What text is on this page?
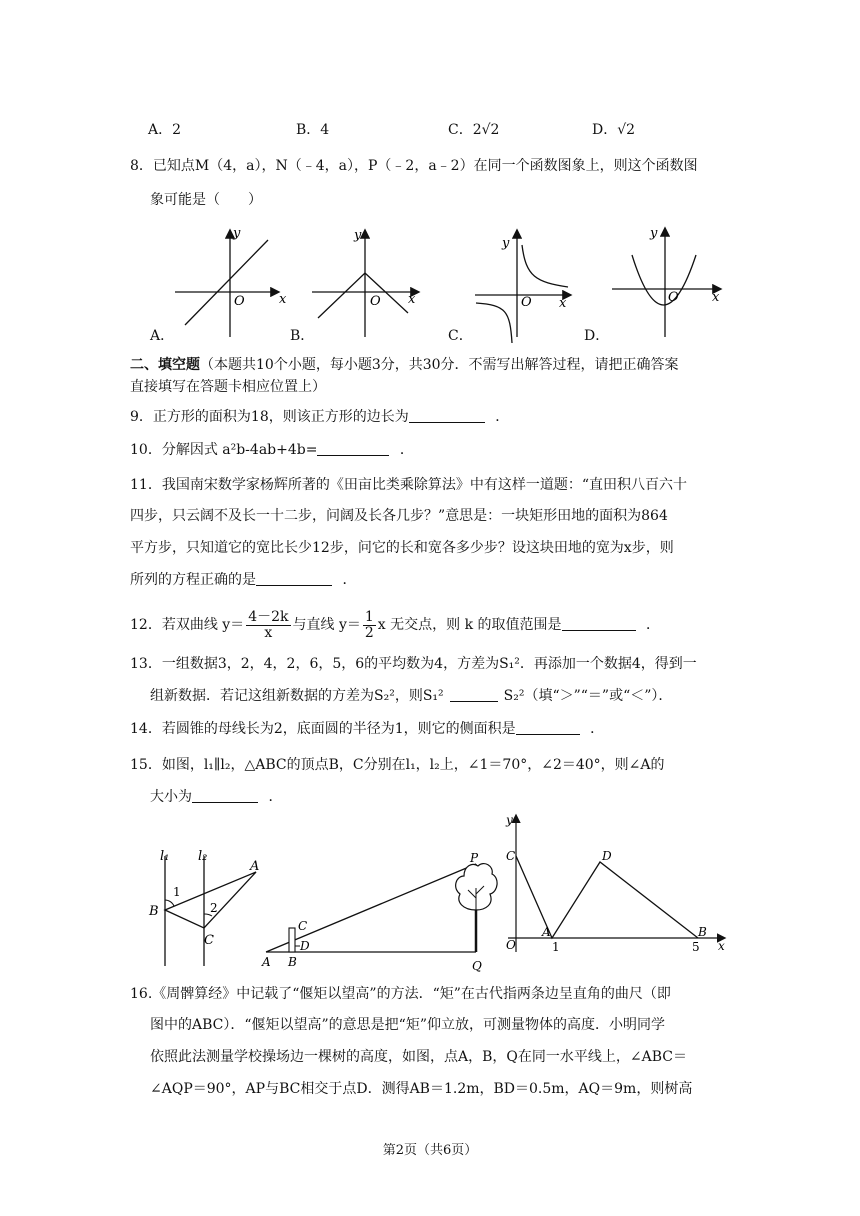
A．2	B．4	C．2√2	D．√2
8．已知点M（4，a），N（﹣4，a），P（﹣2，a﹣2）在同一个函数图象上，则这个函数图
象可能是（　　）
y
x
O
y
x
O
y
x
O
y
x
O
A．	B．	C．	D．
二、填空题（本题共10个小题，每小题3分，共30分．不需写出解答过程，请把正确答案
直接填写在答题卡相应位置上）
9．正方形的面积为18，则该正方形的边长为	．
10．分解因式 a²b-4ab+4b=	．
11．我国南宋数学家杨辉所著的《田亩比类乘除算法》中有这样一道题：“直田积八百六十
四步，只云阔不及长一十二步，问阔及长各几步？”意思是：一块矩形田地的面积为864
平方步，只知道它的宽比长少12步，问它的长和宽各多少步？设这块田地的宽为x步，则
所列的方程正确的是	．
12．若双曲线 $y= \frac{4-2k}{x}$ 与直线 $y= \frac{1}{2}$ x 无交点，则 k 的取值范围是	．
13．一组数据3，2，4，2，6，5，6的平均数为4，方差为S₁²．再添加一个数据4，得到一
组新数据．若记这组新数据的方差为S₂²，则S₁²	S₂²（填“＞”“＝”或“＜”）．
14．若圆锥的母线长为2，底面圆的半径为1，则它的侧面积是	．
15．如图，l₁∥l₂，△ABC的顶点B，C分别在l₁，l₂上，∠1＝70°，∠2＝40°，则∠A的
大小为	．
l₁ l₂
A
B
C
1
2
P
C
D
A B	Q
y
x
O
C	D
A	B
1	5
16.《周髀算经》中记载了“偃矩以望高”的方法．“矩”在古代指两条边呈直角的曲尺（即
图中的ABC）．“偃矩以望高”的意思是把“矩”仰立放，可测量物体的高度．小明同学
依照此法测量学校操场边一棵树的高度，如图，点A，B，Q在同一水平线上，∠ABC＝
∠AQP＝90°，AP与BC相交于点D．测得AB＝1.2m，BD＝0.5m，AQ＝9m，则树高
第2页（共6页）
